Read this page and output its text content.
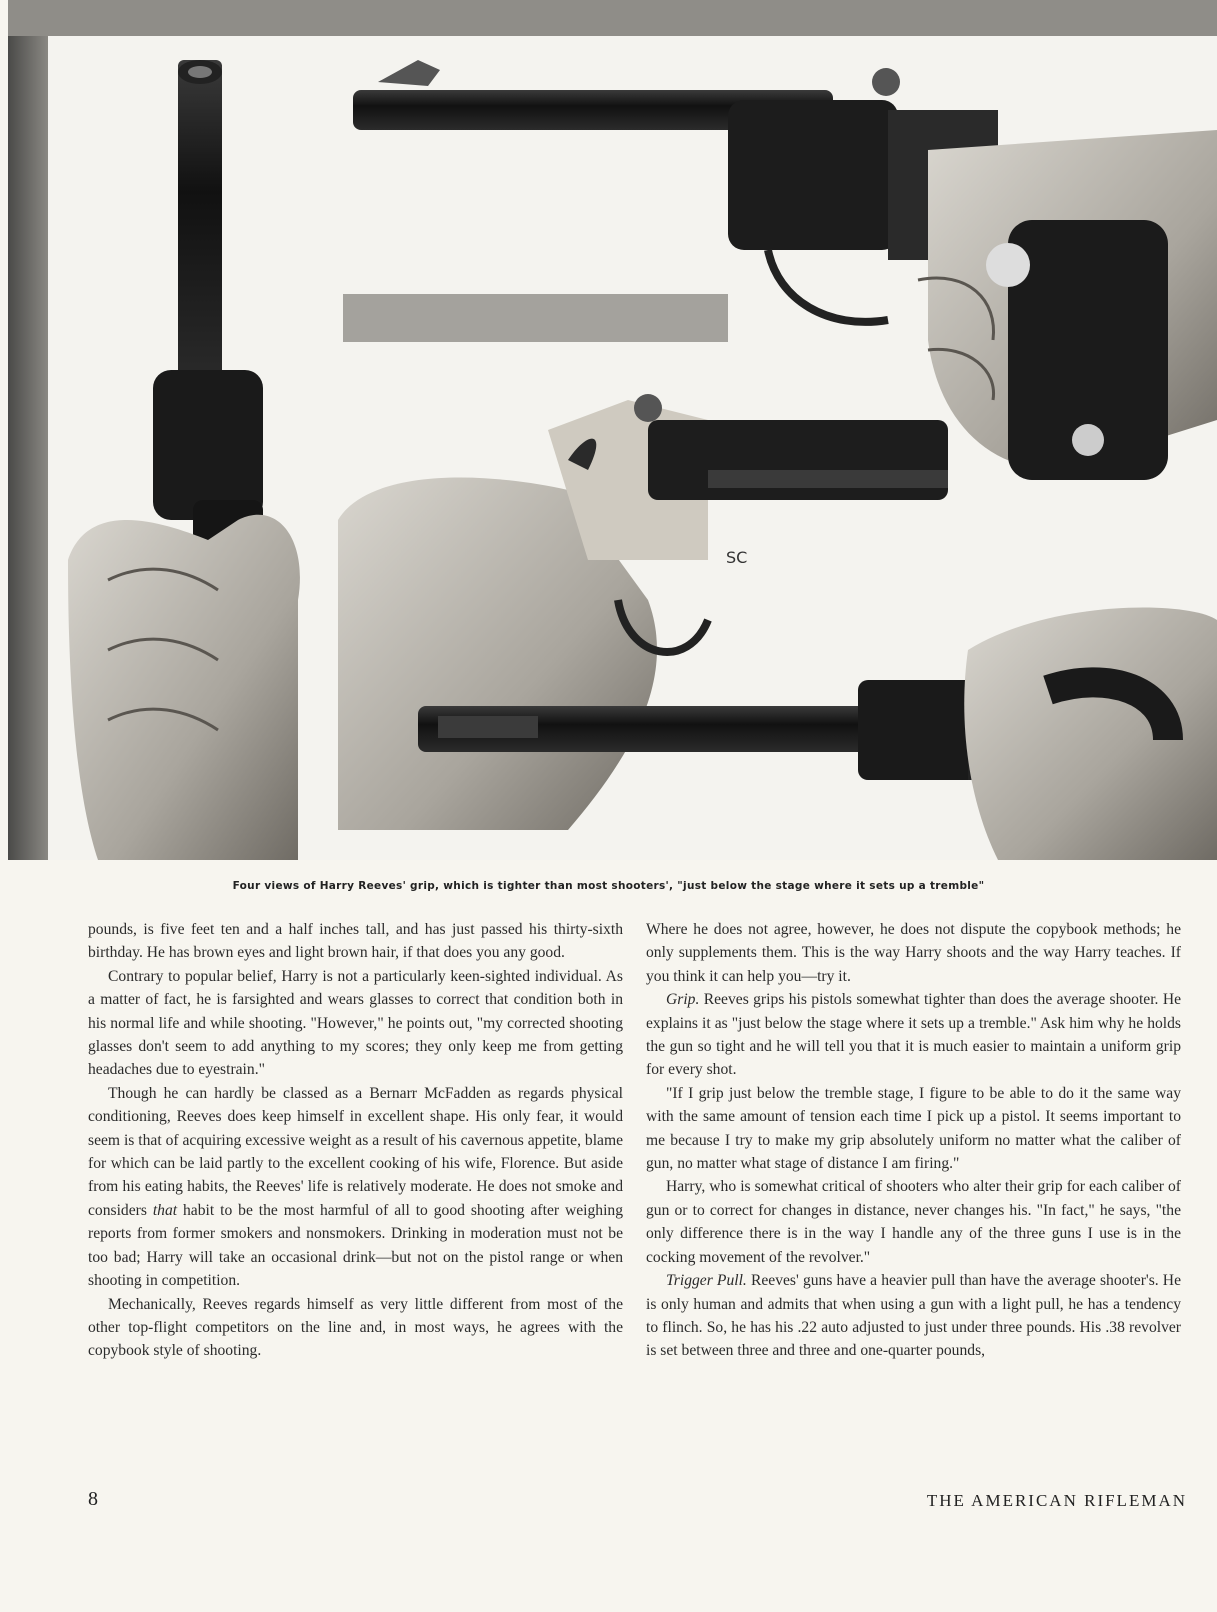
SC
Four views of Harry Reeves' grip, which is tighter than most shooters', "just below the stage where it sets up a tremble"

pounds, is five feet ten and a half inches tall, and has just passed his thirty-sixth birthday. He has brown eyes and light brown hair, if that does you any good.

Contrary to popular belief, Harry is not a particularly keen-sighted individual. As a matter of fact, he is farsighted and wears glasses to correct that condition both in his normal life and while shooting. "However," he points out, "my corrected shooting glasses don't seem to add anything to my scores; they only keep me from getting headaches due to eyestrain."

Though he can hardly be classed as a Bernarr McFadden as regards physical conditioning, Reeves does keep himself in excellent shape. His only fear, it would seem is that of acquiring excessive weight as a result of his cavernous appetite, blame for which can be laid partly to the excellent cooking of his wife, Florence. But aside from his eating habits, the Reeves' life is relatively moderate. He does not smoke and considers that habit to be the most harmful of all to good shooting after weighing reports from former smokers and nonsmokers. Drinking in moderation must not be too bad; Harry will take an occasional drink—but not on the pistol range or when shooting in competition.

Mechanically, Reeves regards himself as very little different from most of the other top-flight competitors on the line and, in most ways, he agrees with the copybook style of shooting.

Where he does not agree, however, he does not dispute the copybook methods; he only supplements them. This is the way Harry shoots and the way Harry teaches. If you think it can help you—try it.

Grip. Reeves grips his pistols somewhat tighter than does the average shooter. He explains it as "just below the stage where it sets up a tremble." Ask him why he holds the gun so tight and he will tell you that it is much easier to maintain a uniform grip for every shot.

"If I grip just below the tremble stage, I figure to be able to do it the same way with the same amount of tension each time I pick up a pistol. It seems important to me because I try to make my grip absolutely uniform no matter what the caliber of gun, no matter what stage of distance I am firing."

Harry, who is somewhat critical of shooters who alter their grip for each caliber of gun or to correct for changes in distance, never changes his. "In fact," he says, "the only difference there is in the way I handle any of the three guns I use is in the cocking movement of the revolver."

Trigger Pull. Reeves' guns have a heavier pull than have the average shooter's. He is only human and admits that when using a gun with a light pull, he has a tendency to flinch. So, he has his .22 auto adjusted to just under three pounds. His .38 revolver is set between three and three and one-quarter pounds,

8	THE AMERICAN RIFLEMAN
